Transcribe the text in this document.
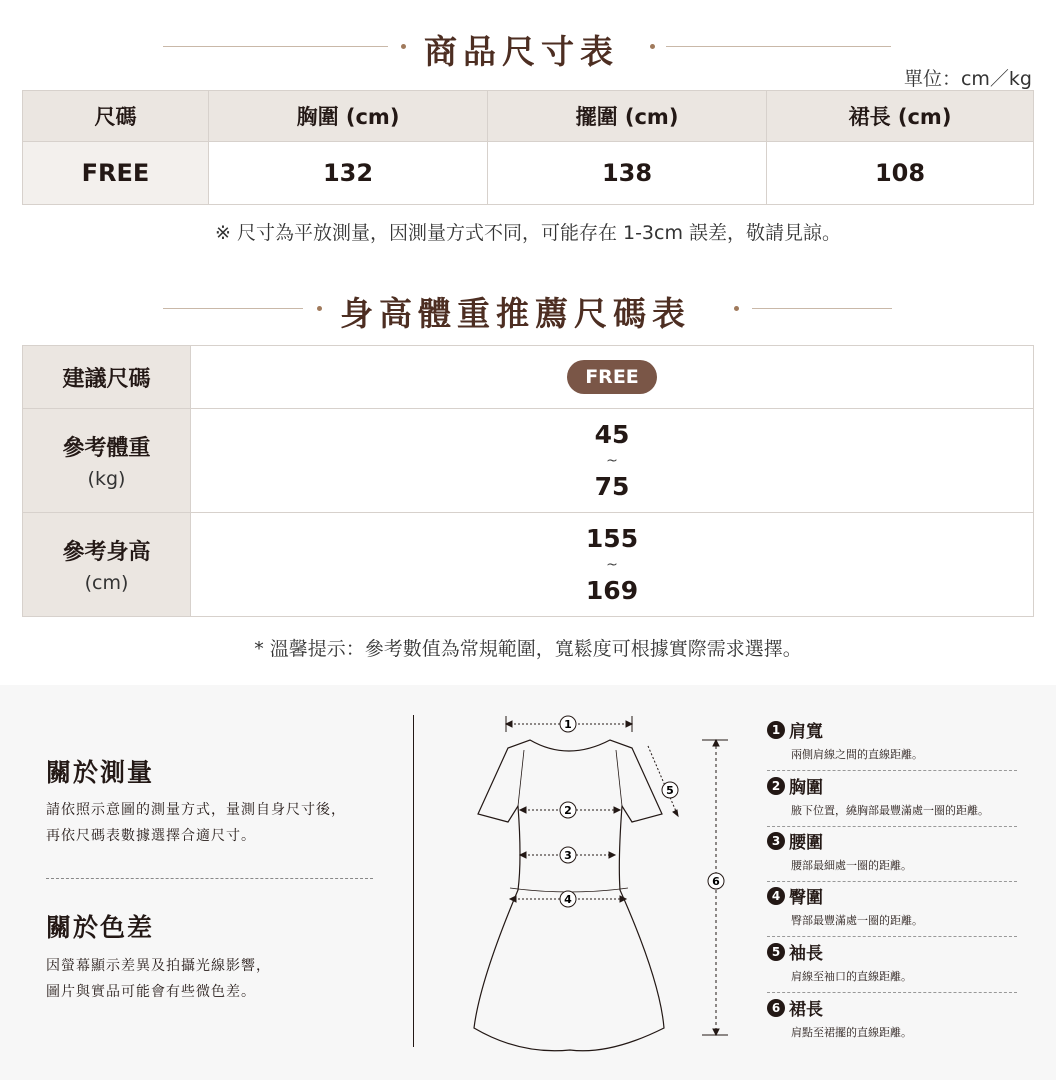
商品尺寸表
單位：cm／kg
尺碼	胸圍 (cm)	擺圍 (cm)	裙長 (cm)
FREE	132	138	108
※ 尺寸為平放測量，因測量方式不同，可能存在 1-3cm 誤差，敬請見諒。
身高體重推薦尺碼表
建議尺碼	FREE
參考體重
(kg)	45
~
75

參考身高
(cm)	155
~
169
* 溫馨提示：參考數值為常規範圍，寬鬆度可根據實際需求選擇。
關於測量
請依照示意圖的測量方式，量測自身尺寸後，
再依尺碼表數據選擇合適尺寸。
關於色差
因螢幕顯示差異及拍攝光線影響，
圖片與實品可能會有些微色差。
1
2
3
4
5
6
1 肩寬
兩側肩線之間的直線距離。
2 胸圍
腋下位置，繞胸部最豐滿處一圈的距離。
3 腰圍
腰部最細處一圈的距離。
4 臀圍
臀部最豐滿處一圈的距離。
5 袖長
肩線至袖口的直線距離。
6 裙長
肩點至裙擺的直線距離。
